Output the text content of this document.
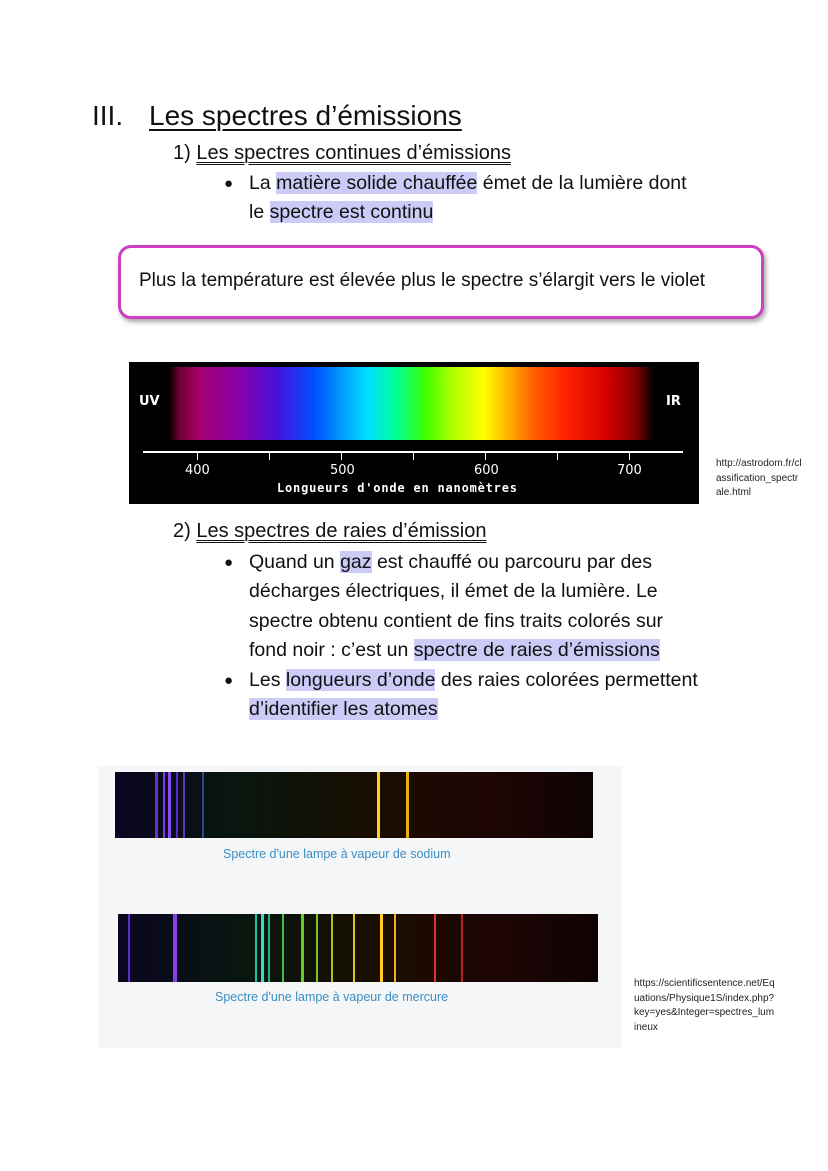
III. Les spectres d’émissions
1) Les spectres continues d’émissions
● La matière solide chauffée émet de la lumière dont
le spectre est continu
Plus la température est élevée plus le spectre s’élargit vers le violet
UV	IR
400	500	600	700
Longueurs d'onde en nanomètres
http://astrodom.fr/classification_spectrale.html
2) Les spectres de raies d’émission
● Quand un gaz est chauffé ou parcouru par des décharges électriques, il émet de la lumière. Le spectre obtenu contient de fins traits colorés sur fond noir : c’est un spectre de raies d’émissions
● Les longueurs d’onde des raies colorées permettent d’identifier les atomes
Spectre d'une lampe à vapeur de sodium
Spectre d'une lampe à vapeur de mercure
https://scientificsentence.net/Equations/Physique1S/index.php?key=yes&Integer=spectres_lumineux
